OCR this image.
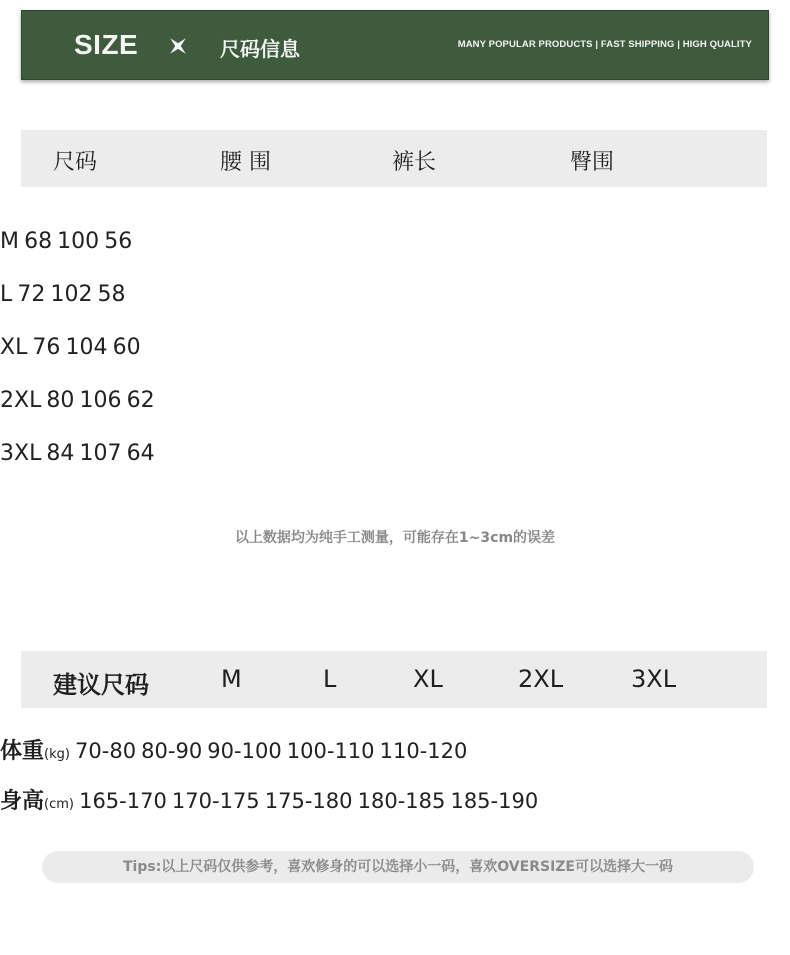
SIZE	尺码信息	MANY POPULAR PRODUCTS | FAST SHIPPING | HIGH QUALITY
尺码	腰 围	裤长	臀围
M 68 100 56
L 72 102 58
XL 76 104 60
2XL 80 106 62
3XL 84 107 64
以上数据均为纯手工测量，可能存在1~3cm的误差
建议尺码	M	L	XL	2XL	3XL
体重(kg) 70-80 80-90 90-100 100-110 110-120
身高(cm) 165-170 170-175 175-180 180-185 185-190
Tips:以上尺码仅供参考，喜欢修身的可以选择小一码，喜欢OVERSIZE可以选择大一码
